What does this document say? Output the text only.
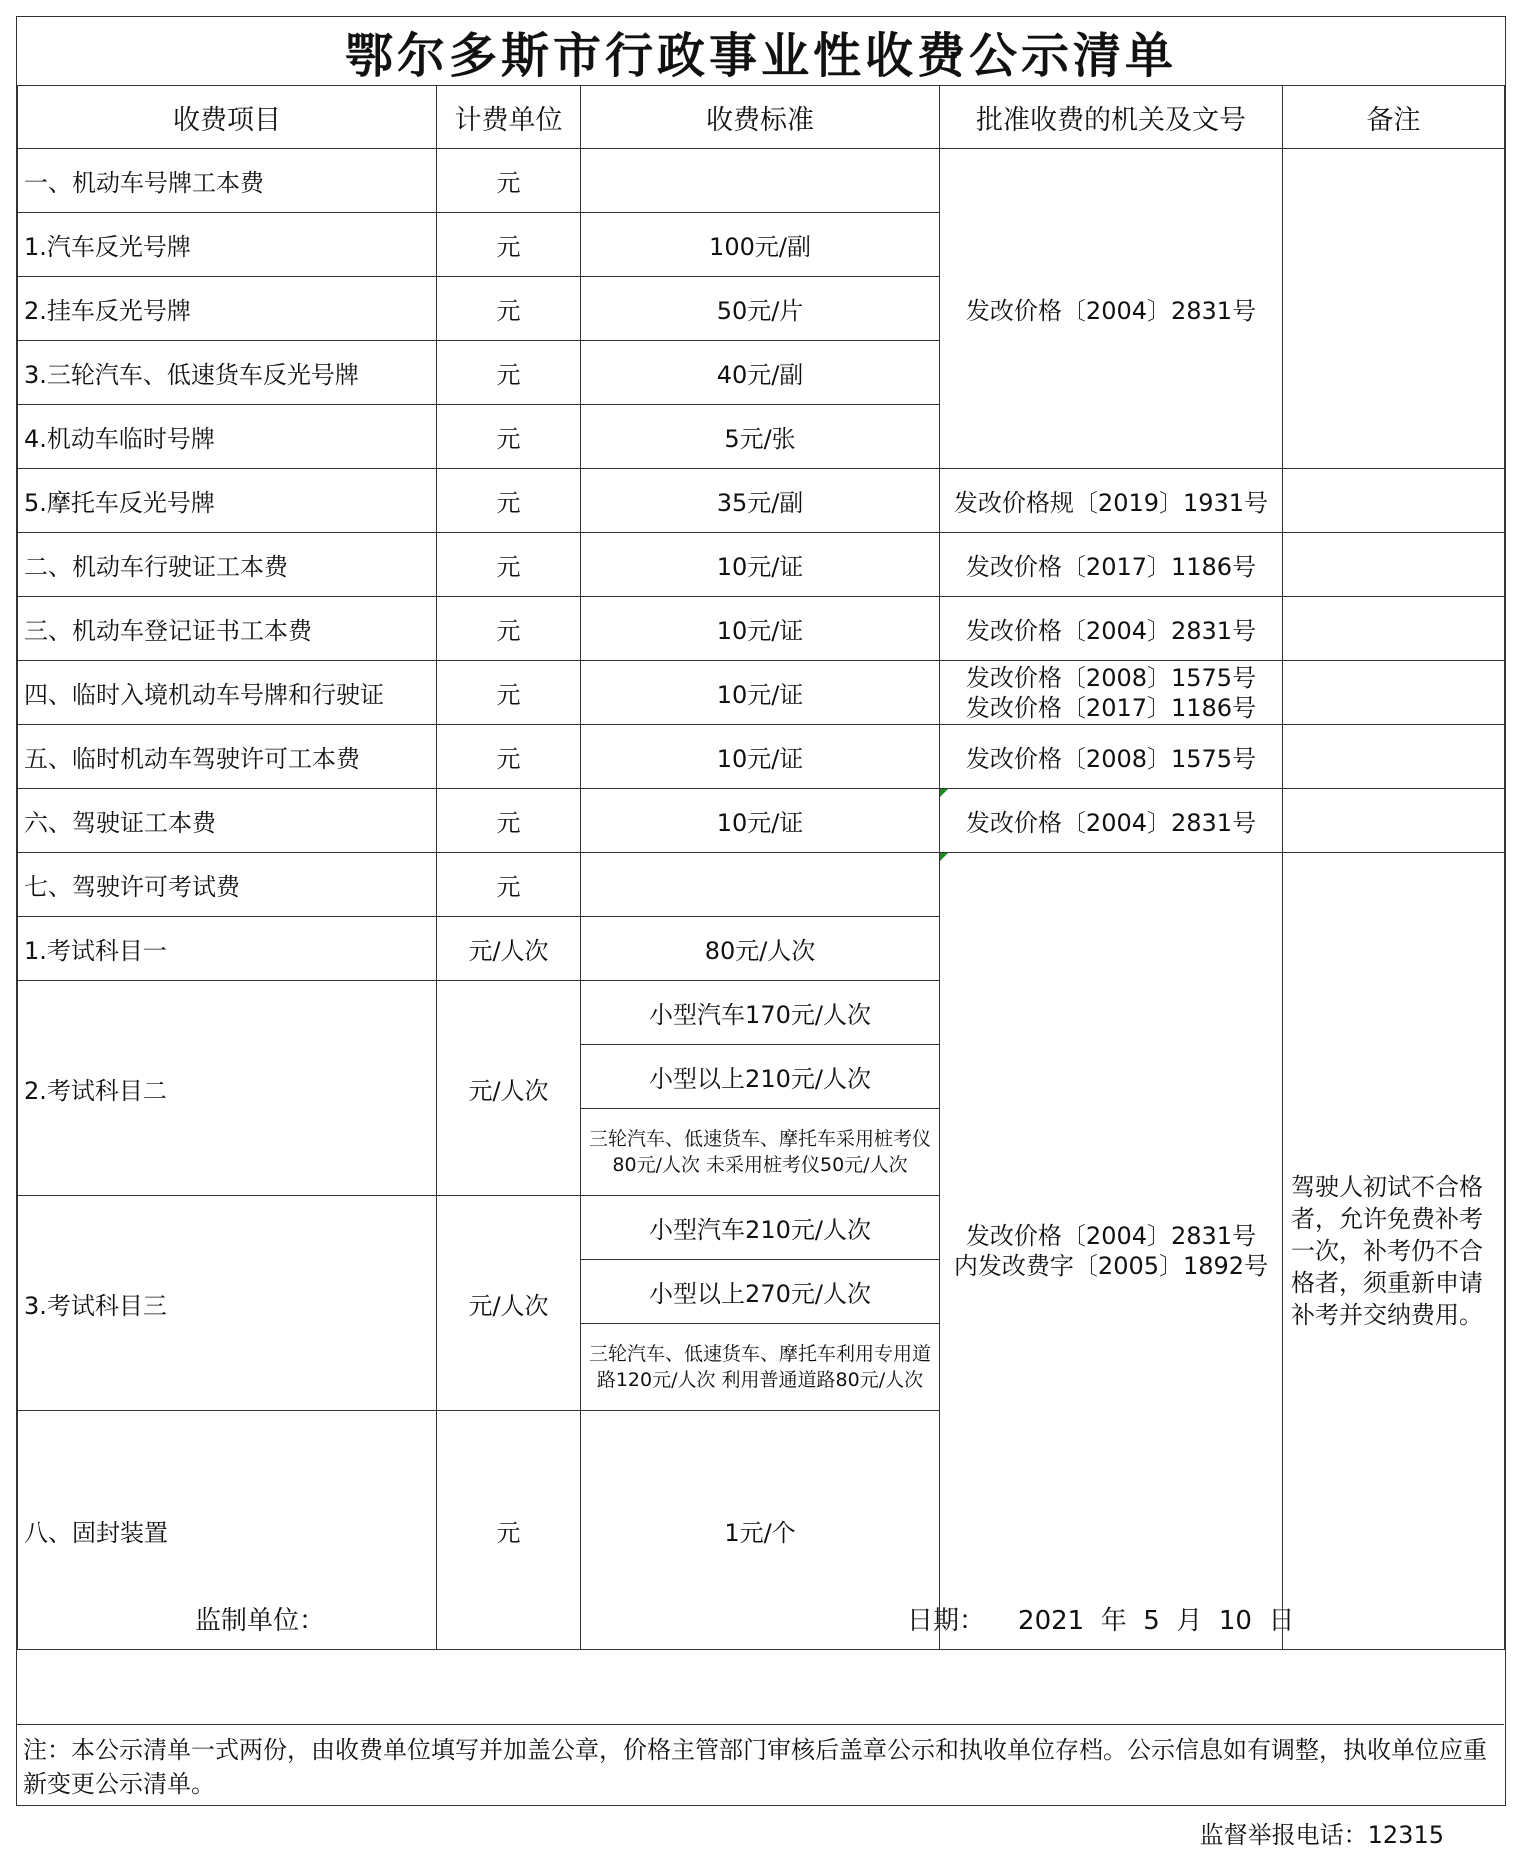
鄂尔多斯市行政事业性收费公示清单
收费项目	计费单位	收费标准	批准收费的机关及文号	备注	
一、机动车号牌工本费	元		发改价格〔2004〕2831号		
1.汽车反光号牌	元	100元/副			
2.挂车反光号牌	元	50元/片			
3.三轮汽车、低速货车反光号牌	元	40元/副			
4.机动车临时号牌	元	5元/张			
5.摩托车反光号牌	元	35元/副	发改价格规〔2019〕1931号		
二、机动车行驶证工本费	元	10元/证	发改价格〔2017〕1186号		
三、机动车登记证书工本费	元	10元/证	发改价格〔2004〕2831号		
四、临时入境机动车号牌和行驶证	元	10元/证	发改价格〔2008〕1575号
发改价格〔2017〕1186号		

五、临时机动车驾驶许可工本费	元	10元/证	发改价格〔2008〕1575号		
六、驾驶证工本费	元	10元/证	发改价格〔2004〕2831号		
七、驾驶许可考试费	元		发改价格〔2004〕2831号
内发改费字〔2005〕1892号	驾驶人初试不合格者，允许免费补考一次，补考仍不合格者，须重新申请补考并交纳费用。	
1.考试科目一	元/人次	80元/人次			
2.考试科目二	元/人次	小型汽车170元/人次			
		小型以上210元/人次			
		三轮汽车、低速货车、摩托车采用桩考仪80元/人次 未采用桩考仪50元/人次			
3.考试科目三	元/人次	小型汽车210元/人次			
		小型以上270元/人次			
		三轮汽车、低速货车、摩托车利用专用道路120元/人次 利用普通道路80元/人次			
八、固封装置	元	1元/个		
监制单位：	日期：    2021  年  5  月  10  日
注：本公示清单一式两份，由收费单位填写并加盖公章，价格主管部门审核后盖章公示和执收单位存档。公示信息如有调整，执收单位应重新变更公示清单。
监督举报电话：12315
